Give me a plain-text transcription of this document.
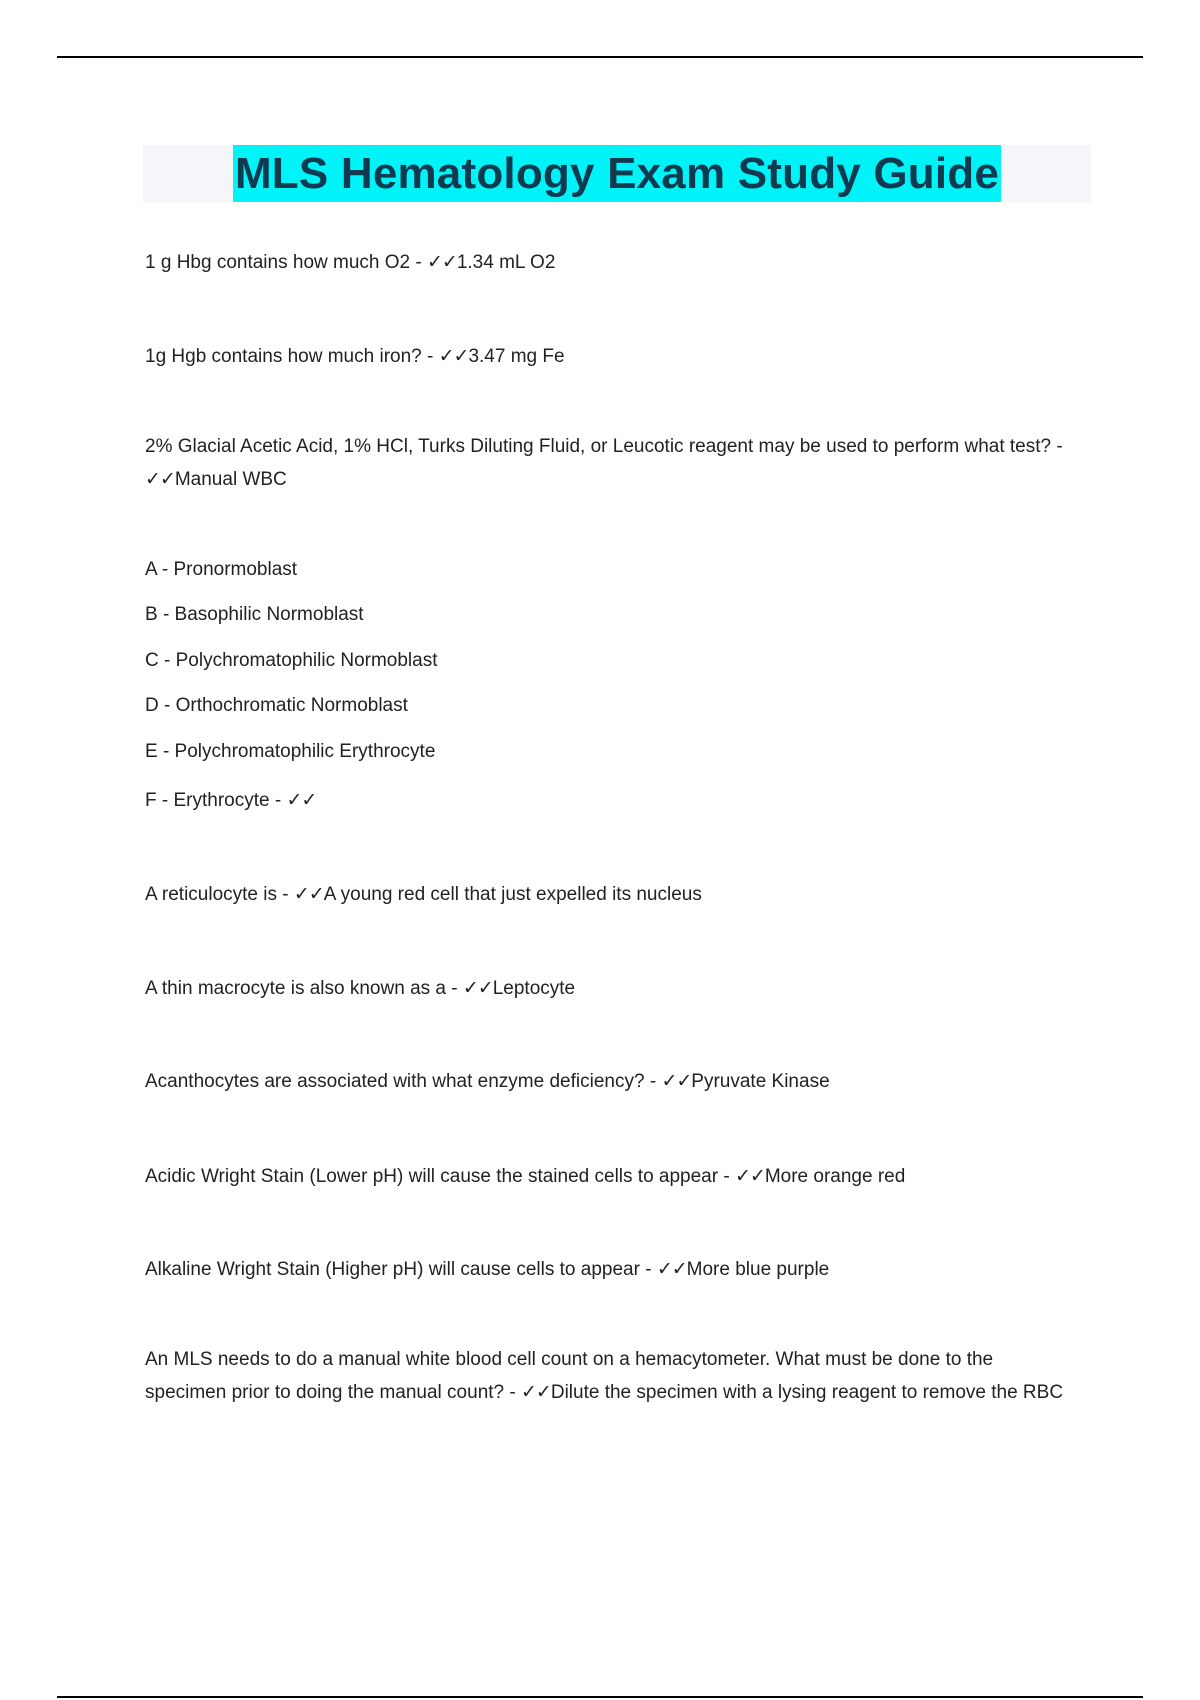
MLS Hematology Exam Study Guide

1 g Hbg contains how much O2 - ✓✓1.34 mL O2

1g Hgb contains how much iron? - ✓✓3.47 mg Fe

2% Glacial Acetic Acid, 1% HCl, Turks Diluting Fluid, or Leucotic reagent may be used to perform what test? - ✓✓Manual WBC

A - Pronormoblast

B - Basophilic Normoblast

C - Polychromatophilic Normoblast

D - Orthochromatic Normoblast

E - Polychromatophilic Erythrocyte

F - Erythrocyte - ✓✓

A reticulocyte is - ✓✓A young red cell that just expelled its nucleus

A thin macrocyte is also known as a - ✓✓Leptocyte

Acanthocytes are associated with what enzyme deficiency? - ✓✓Pyruvate Kinase

Acidic Wright Stain (Lower pH) will cause the stained cells to appear - ✓✓More orange red

Alkaline Wright Stain (Higher pH) will cause cells to appear - ✓✓More blue purple

An MLS needs to do a manual white blood cell count on a hemacytometer. What must be done to the specimen prior to doing the manual count? - ✓✓Dilute the specimen with a lysing reagent to remove the RBC
